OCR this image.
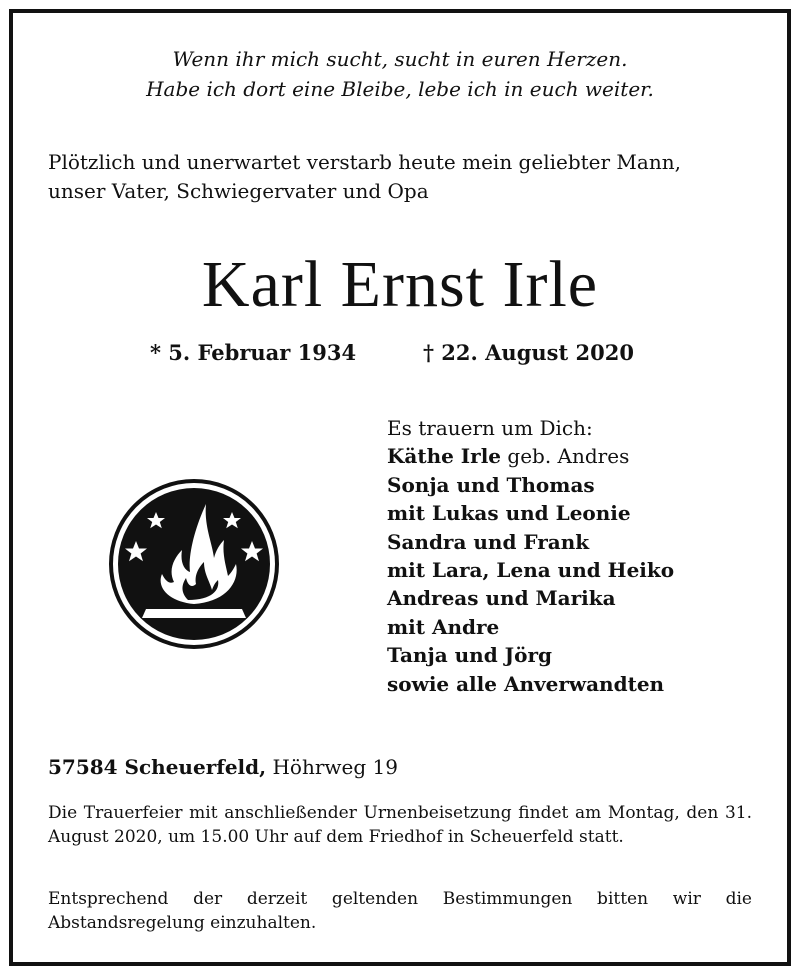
Wenn ihr mich sucht, sucht in euren Herzen.
Habe ich dort eine Bleibe, lebe ich in euch weiter.
Plötzlich und unerwartet verstarb heute mein geliebter Mann,
unser Vater, Schwiegervater und Opa
Karl Ernst Irle
* 5. Februar 1934	† 22. August 2020
Es trauern um Dich:
Käthe Irle geb. Andres
Sonja und Thomas
mit Lukas und Leonie
Sandra und Frank
mit Lara, Lena und Heiko
Andreas und Marika
mit Andre
Tanja und Jörg
sowie alle Anverwandten
57584 Scheuerfeld, Höhrweg 19
Die Trauerfeier mit anschließender Urnenbeisetzung findet am Montag, den 31. August 2020, um 15.00 Uhr auf dem Friedhof in Scheuerfeld statt.
Entsprechend der derzeit geltenden Bestimmungen bitten wir die Abstandsregelung einzuhalten.
